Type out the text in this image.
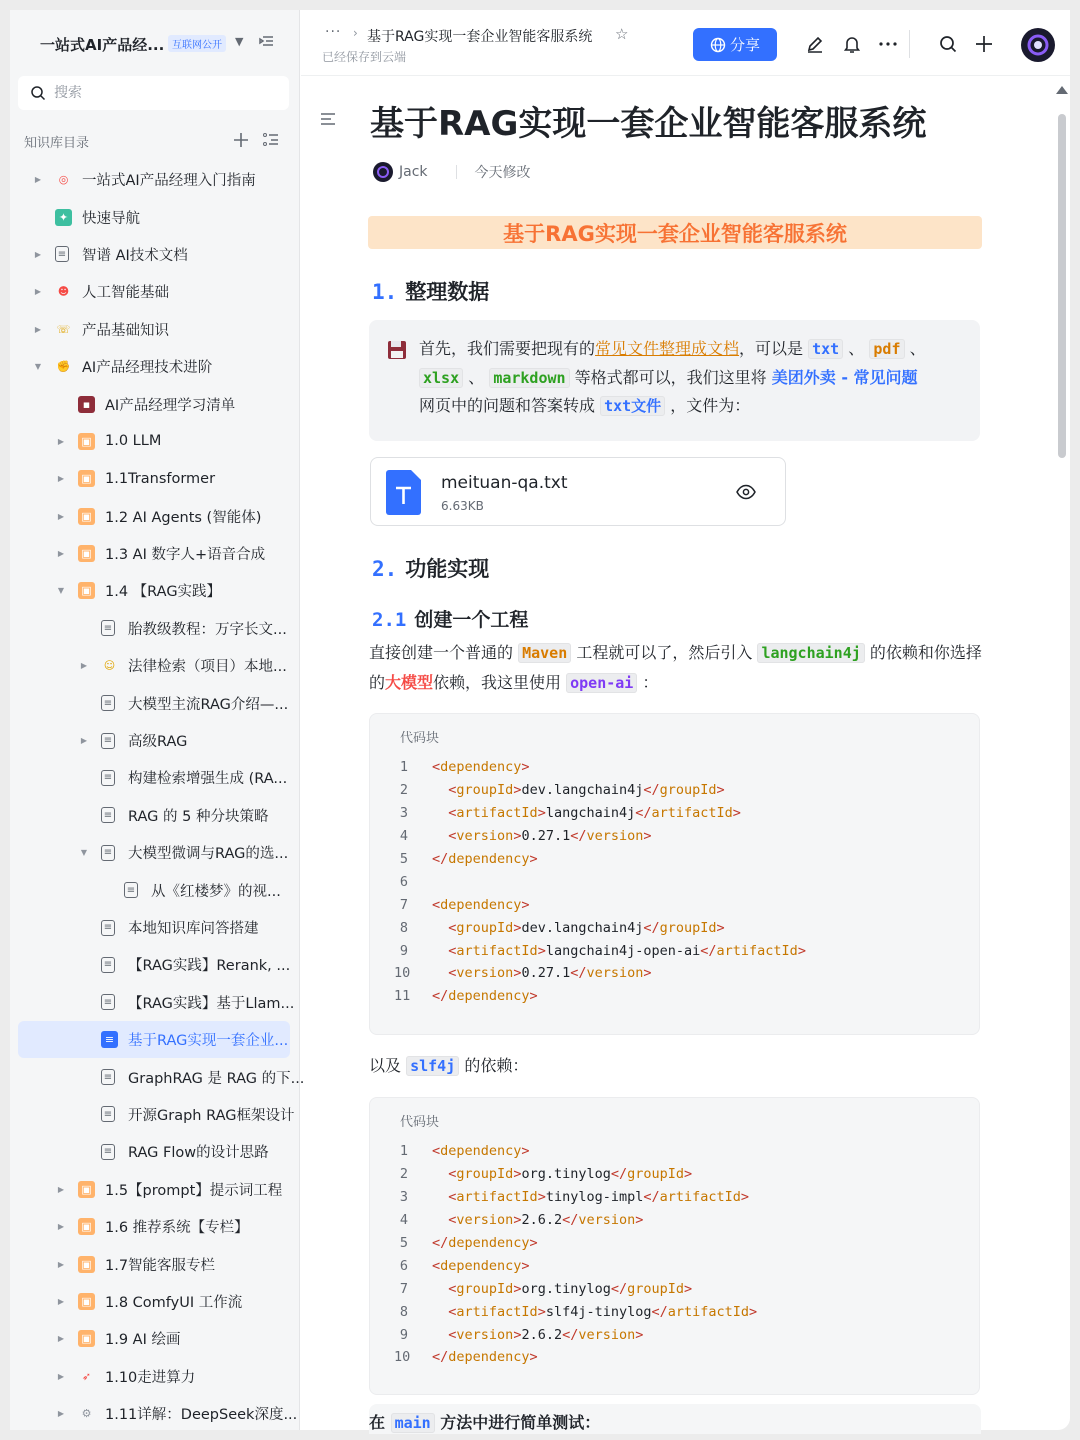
一站式AI产品经... 互联网公开	▼
搜索
知识库目录
▶	◎ 一站式AI产品经理入门指南
✦ 快速导航
▶ ≡ 智谱 AI技术文档
▶ ☻ 人工智能基础
▶ ☏ 产品基础知识
▼ ✊ AI产品经理技术进阶
▪	AI产品经理学习清单
▶ ▣ 1.0 LLM
▶ ▣ 1.1Transformer
▶ ▣ 1.2 AI Agents (智能体)
▶ ▣ 1.3 AI 数字人+语音合成
▼ ▣ 1.4 【RAG实践】
≡ 胎教级教程：万字长文...
▶ ☺ 法律检索（项目）本地...
≡ 大模型主流RAG介绍—...
▶ ≡ 高级RAG
≡ 构建检索增强生成 (RA...
≡ RAG 的 5 种分块策略
▼ ≡ 大模型微调与RAG的选...
≡ 从《红楼梦》的视...
≡ 本地知识库问答搭建
≡ 【RAG实践】Rerank, ...
≡ 【RAG实践】基于Llam...
≡ 基于RAG实现一套企业...
≡ GraphRAG 是 RAG 的下...
≡ 开源Graph RAG框架设计
≡ RAG Flow的设计思路
▶ ▣ 1.5【prompt】提示词工程
▶ ▣ 1.6 推荐系统【专栏】
▶ ▣ 1.7智能客服专栏
▶ ▣ 1.8 ComfyUI 工作流
▶ ▣ 1.9 AI 绘画
▶	➶ 1.10走进算力
▶	⚙ 1.11详解：DeepSeek深度...
··· › 基于RAG实现一套企业智能客服系统 ☆
已经保存到云端
分享
基于RAG实现一套企业智能客服系统
Jack	今天修改
基于RAG实现一套企业智能客服系统
1. 整理数据
首先，我们需要把现有的常见文件整理成文档，可以是 txt 、 pdf 、
xlsx 、 markdown 等格式都可以，我们这里将 美团外卖 - 常见问题
网页中的问题和答案转成 txt文件 ，文件为：
meituan-qa.txt
6.63KB
2. 功能实现
2.1 创建一个工程
直接创建一个普通的 Maven 工程就可以了，然后引入 langchain4j 的依赖和你选择的大模型依赖，我这里使用 open-ai ：
代码块
1 < dependency >
2
	< groupId > dev.langchain4j </ groupId >
3
	< artifactId > langchain4j </ artifactId >
4
	< version > 0.27.1 </ version >
5 </ dependency >
6
7 < dependency >
8
	< groupId > dev.langchain4j </ groupId >
9
	< artifactId > langchain4j-open-ai </ artifactId >
10
	< version > 0.27.1 </ version >
11 </ dependency >
以及 slf4j 的依赖：
代码块
1 < dependency >
2
	< groupId > org.tinylog </ groupId >
3
	< artifactId > tinylog-impl </ artifactId >
4
	< version > 2.6.2 </ version >
5 </ dependency >
6 < dependency >
7
	< groupId > org.tinylog </ groupId >
8
	< artifactId > slf4j-tinylog </ artifactId >
9
	< version > 2.6.2 </ version >
10 </ dependency >
在 main 方法中进行简单测试：
